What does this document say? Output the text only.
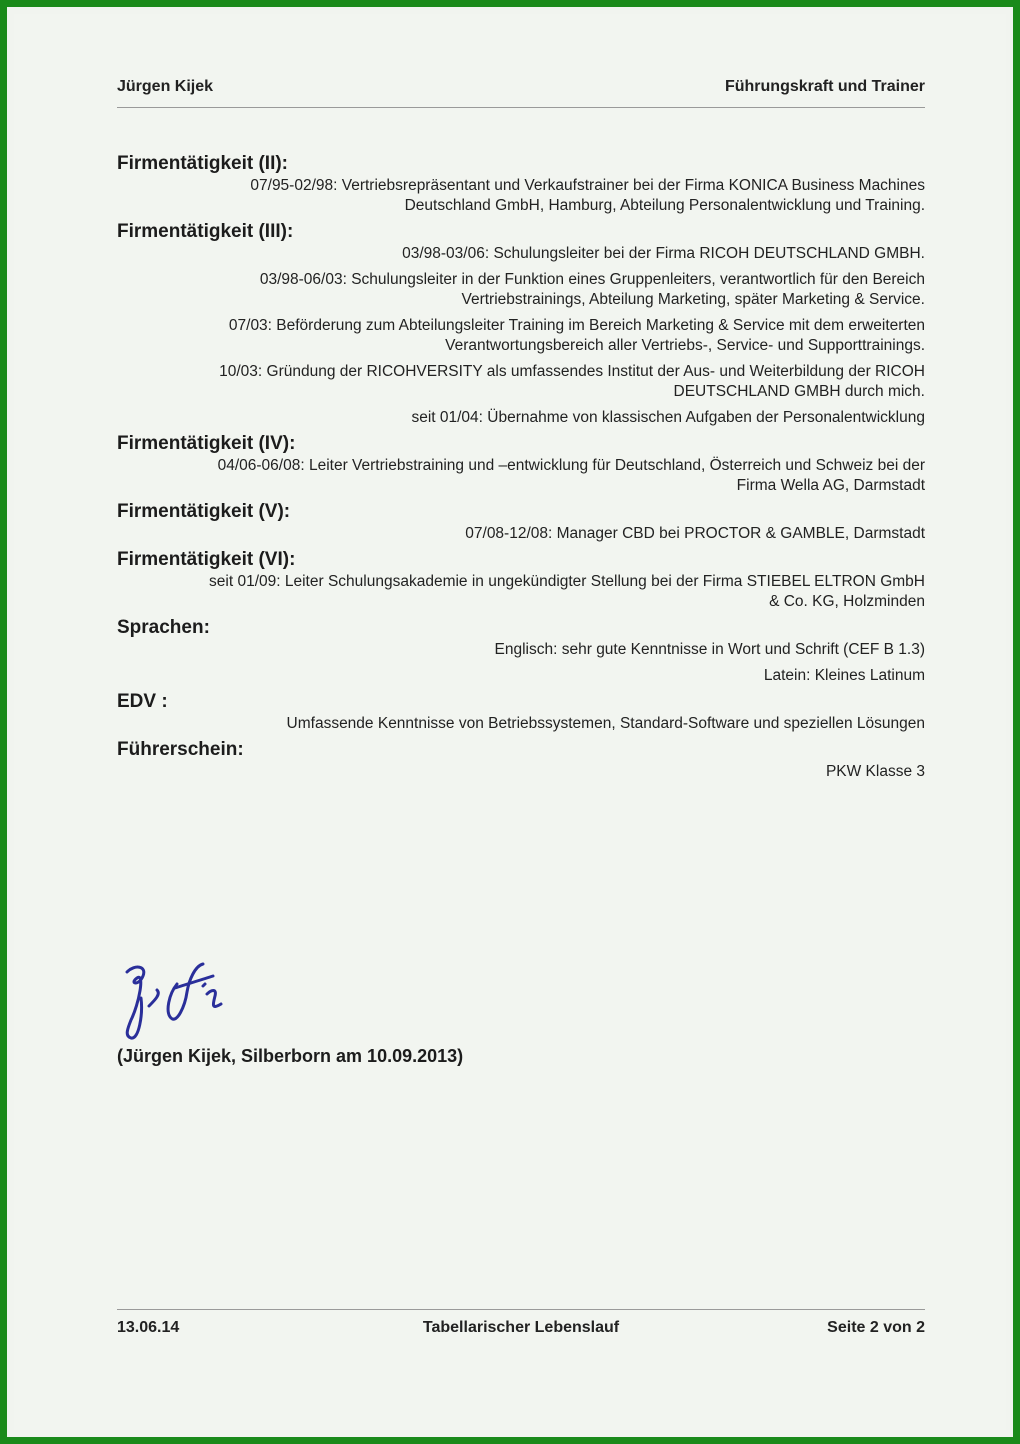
Jürgen Kijek	Führungskraft und Trainer
Firmentätigkeit (II):
07/95-02/98: Vertriebsrepräsentant und Verkaufstrainer bei der Firma KONICA Business Machines
Deutschland GmbH, Hamburg, Abteilung Personalentwicklung und Training.
Firmentätigkeit (III):
03/98-03/06: Schulungsleiter bei der Firma RICOH DEUTSCHLAND GMBH.
03/98-06/03: Schulungsleiter in der Funktion eines Gruppenleiters, verantwortlich für den Bereich
Vertriebstrainings, Abteilung Marketing, später Marketing & Service.
07/03: Beförderung zum Abteilungsleiter Training im Bereich Marketing & Service mit dem erweiterten
Verantwortungsbereich aller Vertriebs-, Service- und Supporttrainings.
10/03: Gründung der RICOHVERSITY als umfassendes Institut der Aus- und Weiterbildung der RICOH
DEUTSCHLAND GMBH durch mich.
seit 01/04: Übernahme von klassischen Aufgaben der Personalentwicklung
Firmentätigkeit (IV):
04/06-06/08: Leiter Vertriebstraining und –entwicklung für Deutschland, Österreich und Schweiz bei der
Firma Wella AG, Darmstadt
Firmentätigkeit (V):
07/08-12/08: Manager CBD bei PROCTOR & GAMBLE, Darmstadt
Firmentätigkeit (VI):
seit 01/09: Leiter Schulungsakademie in ungekündigter Stellung bei der Firma STIEBEL ELTRON GmbH
& Co. KG, Holzminden
Sprachen:
Englisch: sehr gute Kenntnisse in Wort und Schrift (CEF B 1.3)
Latein: Kleines Latinum
EDV :
Umfassende Kenntnisse von Betriebssystemen, Standard-Software und speziellen Lösungen
Führerschein:
PKW Klasse 3
(Jürgen Kijek, Silberborn am 10.09.2013)
13.06.14	Tabellarischer Lebenslauf	Seite 2 von 2
